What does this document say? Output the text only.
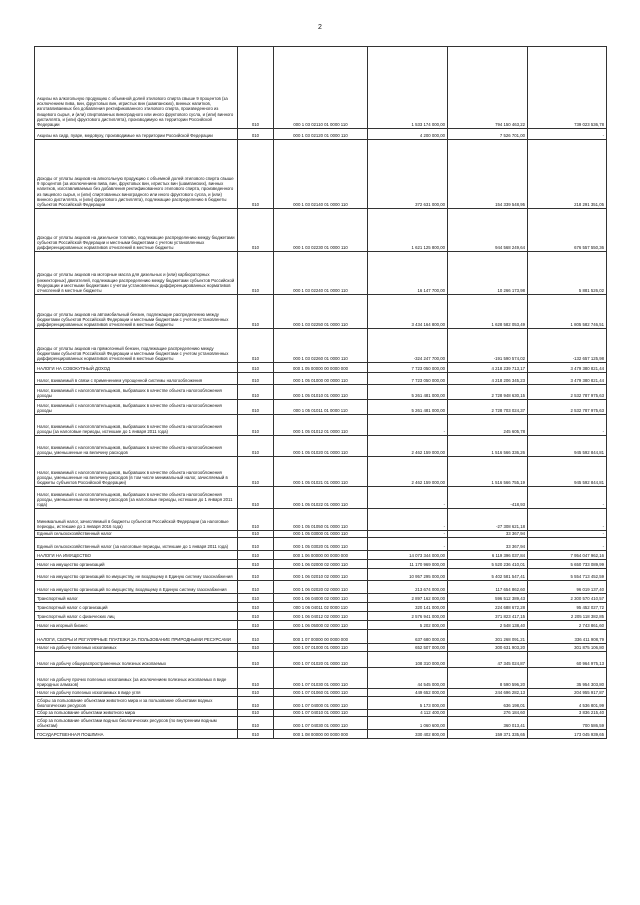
2
Акцизы на алкогольную продукцию с объемной долей этилового спирта свыше 9 процентов (за исключением пива, вин, фруктовых вин, игристых вин (шампанских), винных напитков, изготавливаемых без добавления ректификованного этилового спирта, произведенного из пищевого сырья, и (или) спиртованных виноградного или иного фруктового сусла, и (или) винного дистиллята, и (или) фруктового дистиллята), производимую на территории Российской Федерации	010	000 1 03 02110 01 0000 110	1 533 174 000,00	794 150 463,22	739 023 536,78
Акцизы на сидр, пуаре, медовуху, производимые на территории Российской Федерации	010	000 1 03 02120 01 0000 110	4 200 000,00	7 526 701,00	-
Доходы от уплаты акцизов на алкогольную продукцию с объемной долей этилового спирта свыше 9 процентов (за исключением пива, вин, фруктовых вин, игристых вин (шампанских), винных напитков, изготавливаемых без добавления ректификованного этилового спирта, произведенного из пищевого сырья, и (или) спиртованных виноградного или иного фруктового сусла, и (или) винного дистиллята, и (или) фруктового дистиллята), подлежащие распределению в бюджеты субъектов Российской Федерации	010	000 1 03 02140 01 0000 110	372 631 000,00	154 339 548,95	218 291 351,05
Доходы от уплаты акцизов на дизельное топливо, подлежащие распределению между бюджетами субъектов Российской Федерации и местными бюджетами с учетом установленных дифференцированных нормативов отчислений в местные бюджеты	010	000 1 03 02230 01 0000 110	1 621 125 800,00	944 568 249,64	676 557 550,36
Доходы от уплаты акцизов на моторные масла для дизельных и (или) карбюраторных (инжекторных) двигателей, подлежащие распределению между бюджетами субъектов Российской Федерации и местными бюджетами с учетом установленных дифференцированных нормативов отчислений в местные бюджеты	010	000 1 03 02240 01 0000 110	16 147 700,00	10 266 173,98	5 881 526,02
Доходы от уплаты акцизов на автомобильный бензин, подлежащие распределению между бюджетами субъектов Российской Федерации и местными бюджетами с учетом установленных дифференцированных нормативов отчислений в местные бюджеты	010	000 1 03 02250 01 0000 110	3 434 164 800,00	1 628 582 053,49	1 805 582 746,51
Доходы от уплаты акцизов на прямогонный бензин, подлежащие распределению между бюджетами субъектов Российской Федерации и местными бюджетами с учетом установленных дифференцированных нормативов отчислений в местные бюджеты	010	000 1 03 02260 01 0000 110	-324 247 700,00	-191 590 574,02	-132 657 125,98
НАЛОГИ НА СОВОКУПНЫЙ ДОХОД	010	000 1 05 00000 00 0000 000	7 723 050 000,00	4 218 239 713,17	3 479 380 821,44
Налог, взимаемый в связи с применением упрощенной системы налогообложения	010	000 1 05 01000 00 0000 110	7 723 050 000,00	4 218 206 345,23	3 479 380 821,44
Налог, взимаемый с налогоплательщиков, выбравших в качестве объекта налогообложения доходы	010	000 1 05 01010 01 0000 110	5 261 481 000,00	2 728 948 630,15	2 532 787 975,63
Налог, взимаемый с налогоплательщиков, выбравших в качестве объекта налогообложения доходы	010	000 1 05 01011 01 0000 110	5 261 481 000,00	2 728 703 024,37	2 532 787 975,63
Налог, взимаемый с налогоплательщиков, выбравших в качестве объекта налогообложения доходы (за налоговые периоды, истекшие до 1 января 2011 года)	010	000 1 05 01012 01 0000 110	-	245 605,78	-
Налог, взимаемый с налогоплательщиков, выбравших в качестве объекта налогообложения доходы, уменьшенные на величину расходов	010	000 1 05 01020 01 0000 110	2 462 159 000,00	1 516 566 336,26	945 592 844,81
Налог, взимаемый с налогоплательщиков, выбравших в качестве объекта налогообложения доходы, уменьшенные на величину расходов (в том числе минимальный налог, зачисляемый в бюджеты субъектов Российской Федерации)	010	000 1 05 01021 01 0000 110	2 462 159 000,00	1 516 566 755,19	945 592 844,81
Налог, взимаемый с налогоплательщиков, выбравших в качестве объекта налогообложения доходы, уменьшенные на величину расходов (за налоговые периоды, истекшие до 1 января 2011 года)	010	000 1 05 01022 01 0000 110	-	-418,93	-
Минимальный налог, зачисляемый в бюджеты субъектов Российской Федерации (за налоговые периоды, истекшие до 1 января 2016 года)	010	000 1 05 01050 01 0000 110	-	-27 308 621,18	-
Единый сельскохозяйственный налог	010	000 1 05 03000 01 0000 110	-	33 367,94	-
Единый сельскохозяйственный налог (за налоговые периоды, истекшие до 1 января 2011 года)	010	000 1 05 03020 01 0000 110	-	33 367,94	-
НАЛОГИ НА ИМУЩЕСТВО	010	000 1 06 00000 00 0000 000	14 073 344 000,00	6 119 396 037,84	7 954 047 962,16
Налог на имущество организаций	010	000 1 06 02000 02 0000 110	11 170 969 000,00	5 520 236 410,01	5 650 733 089,99
Налог на имущество организаций по имуществу, не входящему в Единую систему газоснабжения	010	000 1 06 02010 02 0000 110	10 957 295 000,00	5 402 581 547,41	5 554 713 452,59
Налог на имущество организаций по имуществу, входящему в Единую систему газоснабжения	010	000 1 06 02020 02 0000 110	213 674 000,00	117 654 862,60	96 019 137,40
Транспортный налог	010	000 1 06 04000 02 0000 110	2 897 162 000,00	596 512 389,43	2 300 570 410,57
Транспортный налог с организаций	010	000 1 06 04011 02 0000 110	320 141 000,00	224 688 672,28	95 452 027,72
Транспортный налог с физических лиц	010	000 1 06 04012 02 0000 110	2 576 941 000,00	371 823 417,15	2 205 118 382,85
Налог на игорный бизнес	010	000 1 06 05000 02 0000 110	5 202 000,00	2 548 138,40	2 743 861,60
НАЛОГИ, СБОРЫ И РЕГУЛЯРНЫЕ ПЛАТЕЖИ ЗА ПОЛЬЗОВАНИЕ ПРИРОДНЫМИ РЕСУРСАМИ	010	000 1 07 00000 00 0000 000	637 680 000,00	301 268 091,21	336 411 908,79
Налог на добычу полезных ископаемых	010	000 1 07 01000 01 0000 110	652 507 000,00	300 631 903,20	301 875 106,80
Налог на добычу общераспространенных полезных ископаемых	010	000 1 07 01020 01 0000 110	108 310 000,00	47 345 024,87	60 964 975,13
Налог на добычу прочих полезных ископаемых (за исключением полезных ископаемых в виде природных алмазов)	010	000 1 07 01030 01 0000 110	44 545 000,00	8 590 596,20	35 954 303,80
Налог на добычу полезных ископаемых в виде угля	010	000 1 07 01060 01 0000 110	449 652 000,00	244 696 282,13	204 955 917,87
Сборы за пользование объектами животного мира и за пользование объектами водных биологических ресурсов	010	000 1 07 04000 01 0000 110	5 173 000,00	636 198,01	4 536 801,99
Сбор за пользование объектами животного мира	010	000 1 07 04010 01 0000 110	4 112 400,00	276 184,60	3 836 215,40
Сбор за пользование объектами водных биологических ресурсов (по внутренним водным объектам)	010	000 1 07 04030 01 0000 110	1 060 600,00	360 013,41	700 586,59
ГОСУДАРСТВЕННАЯ ПОШЛИНА	010	000 1 08 00000 00 0000 000	330 402 800,00	159 371 335,65	173 045 939,65
